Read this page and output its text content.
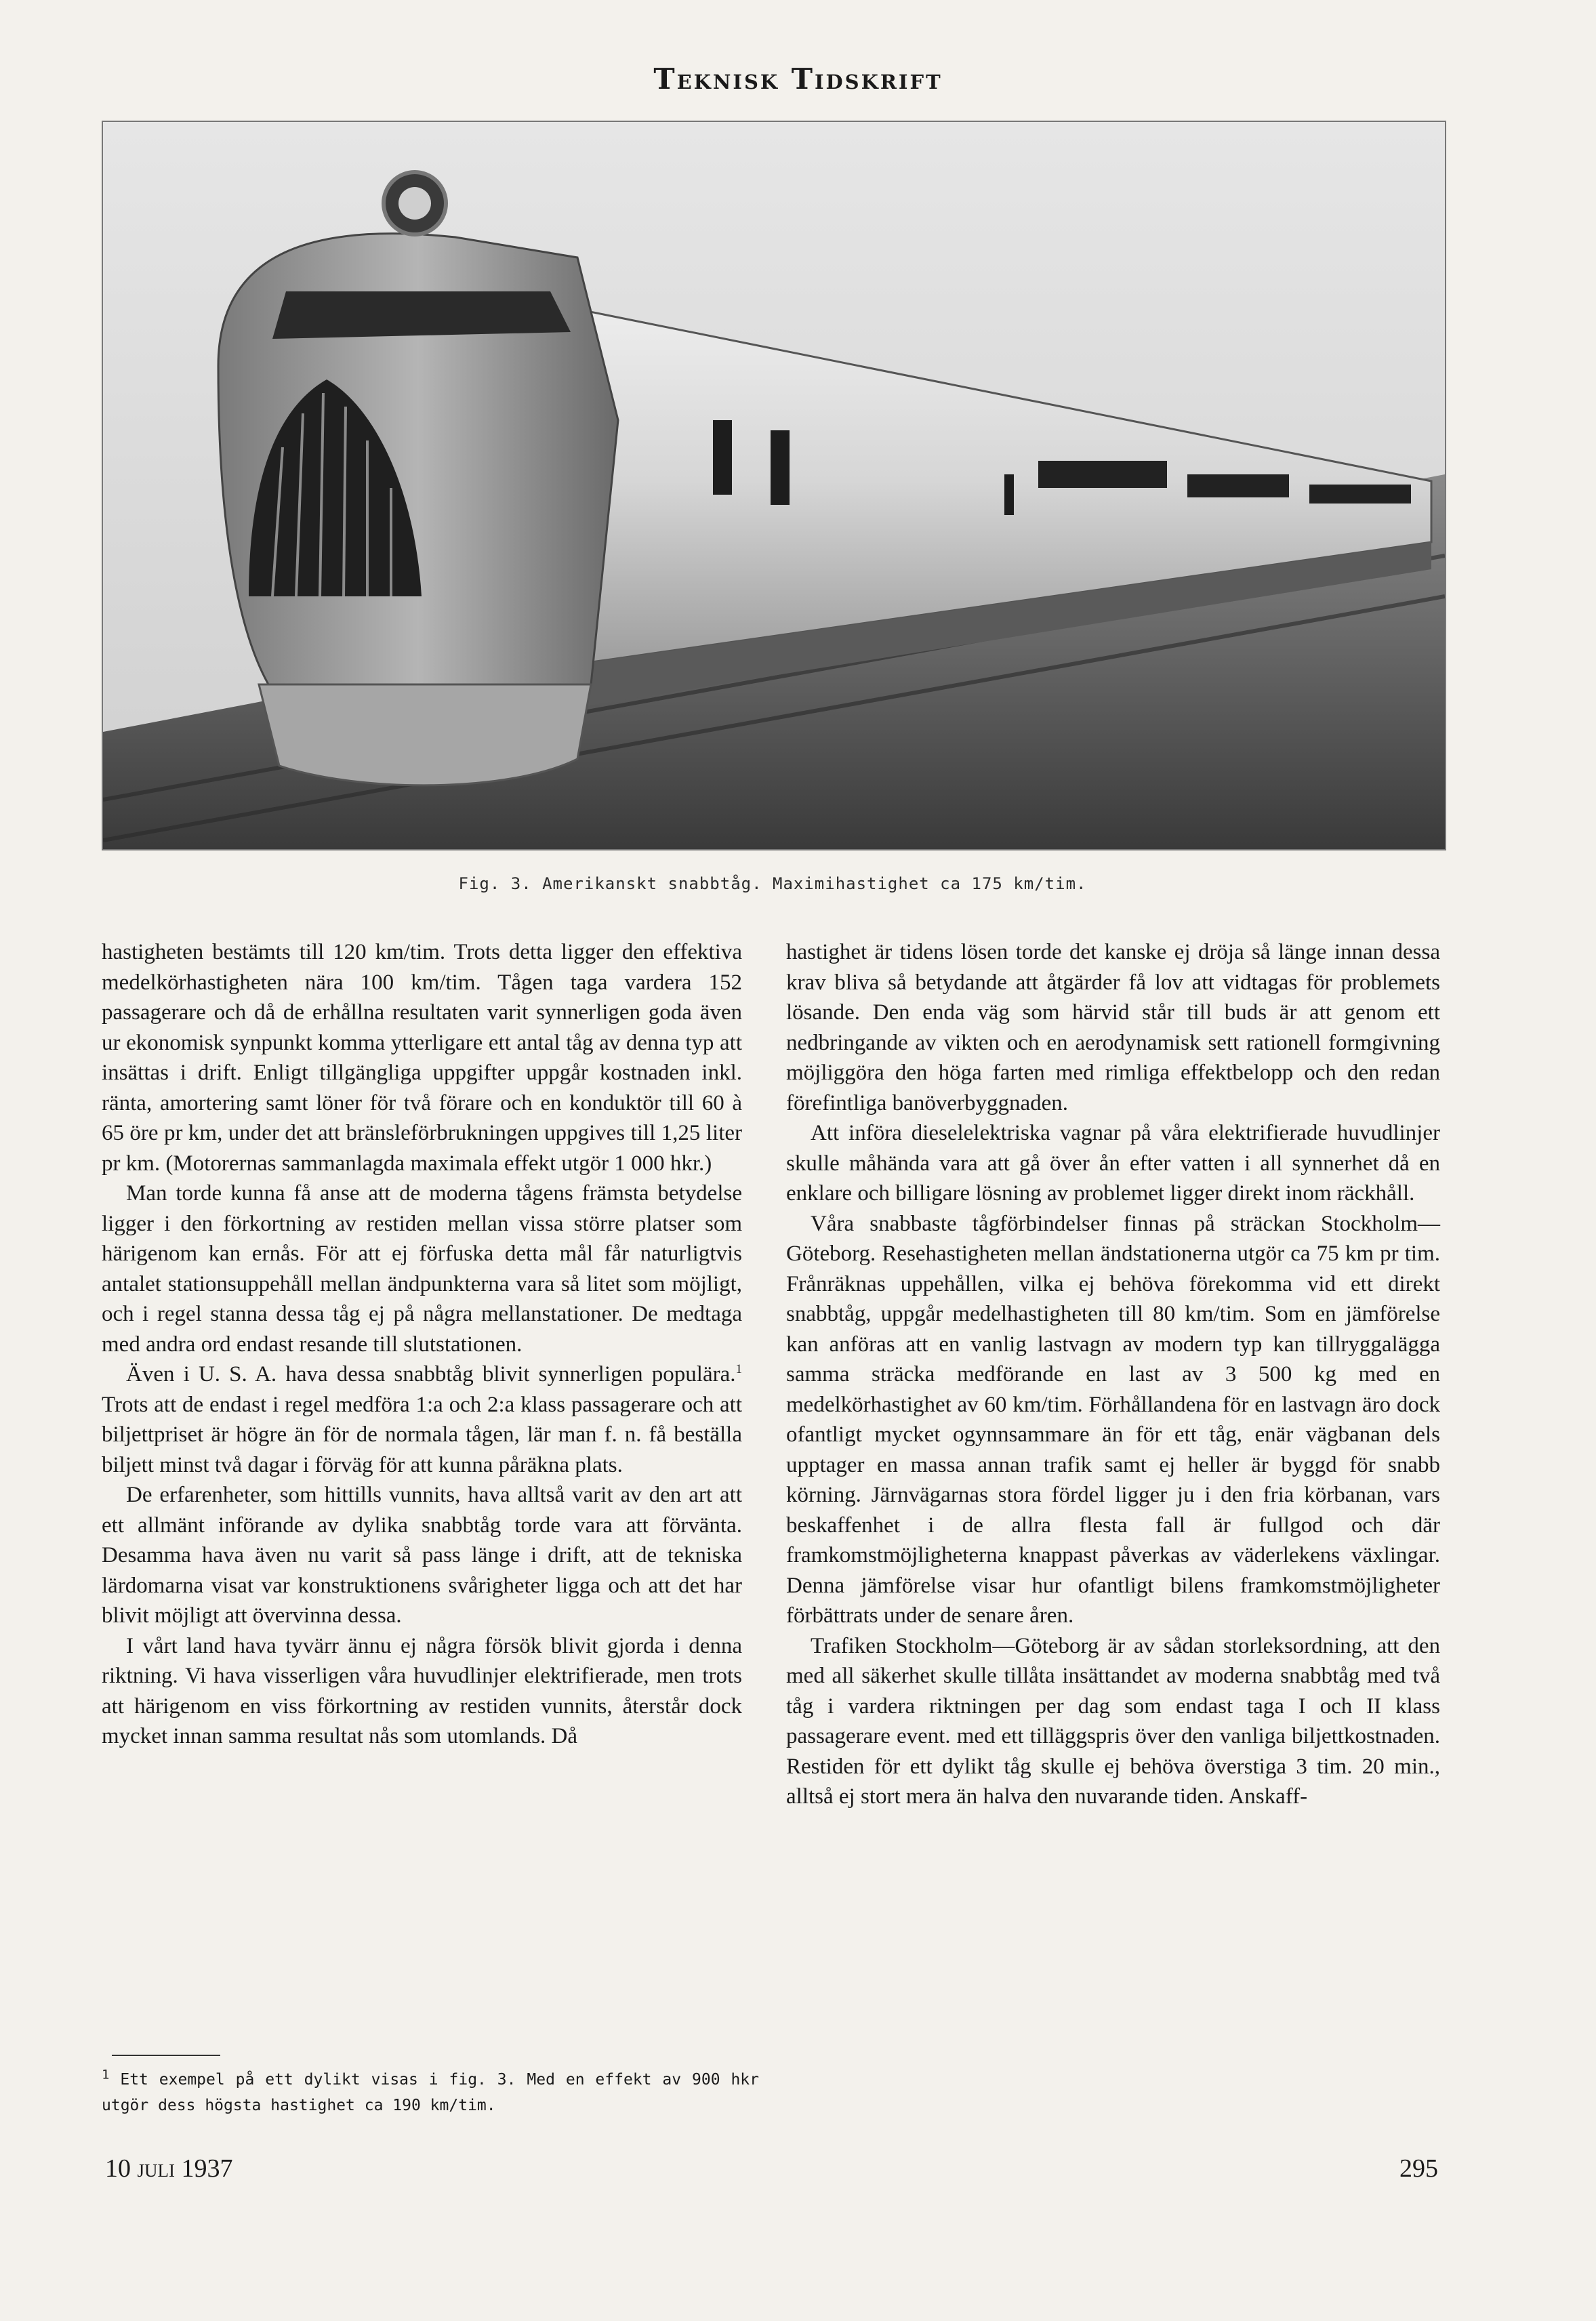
Teknisk Tidskrift
Fig. 3. Amerikanskt snabbtåg. Maximihastighet ca 175 km/tim.

hastigheten bestämts till 120 km/tim. Trots detta ligger den effektiva medelkörhastigheten nära 100 km/tim. Tågen taga vardera 152 passagerare och då de erhållna resultaten varit synnerligen goda även ur ekonomisk synpunkt komma ytterligare ett antal tåg av denna typ att insättas i drift. Enligt tillgängliga uppgifter uppgår kostnaden inkl. ränta, amortering samt löner för två förare och en konduktör till 60 à 65 öre pr km, under det att bränsleförbrukningen uppgives till 1,25 liter pr km. (Motorernas sammanlagda maximala effekt utgör 1 000 hkr.)

Man torde kunna få anse att de moderna tågens främsta betydelse ligger i den förkortning av restiden mellan vissa större platser som härigenom kan ernås. För att ej förfuska detta mål får naturligtvis antalet stationsuppehåll mellan ändpunkterna vara så litet som möjligt, och i regel stanna dessa tåg ej på några mellanstationer. De medtaga med andra ord endast resande till slutstationen.

Även i U. S. A. hava dessa snabbtåg blivit synnerligen populära.$^1$ Trots att de endast i regel medföra 1:a och 2:a klass passagerare och att biljettpriset är högre än för de normala tågen, lär man f. n. få beställa biljett minst två dagar i förväg för att kunna påräkna plats.

De erfarenheter, som hittills vunnits, hava alltså varit av den art att ett allmänt införande av dylika snabbtåg torde vara att förvänta. Desamma hava även nu varit så pass länge i drift, att de tekniska lärdomarna visat var konstruktionens svårigheter ligga och att det har blivit möjligt att övervinna dessa.

I vårt land hava tyvärr ännu ej några försök blivit gjorda i denna riktning. Vi hava visserligen våra huvudlinjer elektrifierade, men trots att härigenom en viss förkortning av restiden vunnits, återstår dock mycket innan samma resultat nås som utomlands. Då

hastighet är tidens lösen torde det kanske ej dröja så länge innan dessa krav bliva så betydande att åtgärder få lov att vidtagas för problemets lösande. Den enda väg som härvid står till buds är att genom ett nedbringande av vikten och en aerodynamisk sett rationell formgivning möjliggöra den höga farten med rimliga effektbelopp och den redan förefintliga banöverbyggnaden.

Att införa dieselelektriska vagnar på våra elektrifierade huvudlinjer skulle måhända vara att gå över ån efter vatten i all synnerhet då en enklare och billigare lösning av problemet ligger direkt inom räckhåll.

Våra snabbaste tågförbindelser finnas på sträckan Stockholm—Göteborg. Resehastigheten mellan ändstationerna utgör ca 75 km pr tim. Frånräknas uppehållen, vilka ej behöva förekomma vid ett direkt snabbtåg, uppgår medelhastigheten till 80 km/tim. Som en jämförelse kan anföras att en vanlig lastvagn av modern typ kan tillryggalägga samma sträcka medförande en last av 3 500 kg med en medelkörhastighet av 60 km/tim. Förhållandena för en lastvagn äro dock ofantligt mycket ogynnsammare än för ett tåg, enär vägbanan dels upptager en massa annan trafik samt ej heller är byggd för snabb körning. Järnvägarnas stora fördel ligger ju i den fria körbanan, vars beskaffenhet i de allra flesta fall är fullgod och där framkomstmöjligheterna knappast påverkas av väderlekens växlingar. Denna jämförelse visar hur ofantligt bilens framkomstmöjligheter förbättrats under de senare åren.

Trafiken Stockholm—Göteborg är av sådan storleksordning, att den med all säkerhet skulle tillåta insättandet av moderna snabbtåg med två tåg i vardera riktningen per dag som endast taga I och II klass passagerare event. med ett tilläggspris över den vanliga biljettkostnaden. Restiden för ett dylikt tåg skulle ej behöva överstiga 3 tim. 20 min., alltså ej stort mera än halva den nuvarande tiden. Anskaff-

$^1$ Ett exempel på ett dylikt visas i fig. 3. Med en effekt av 900 hkr utgör dess högsta hastighet ca 190 km/tim.
10 juli 1937	295
